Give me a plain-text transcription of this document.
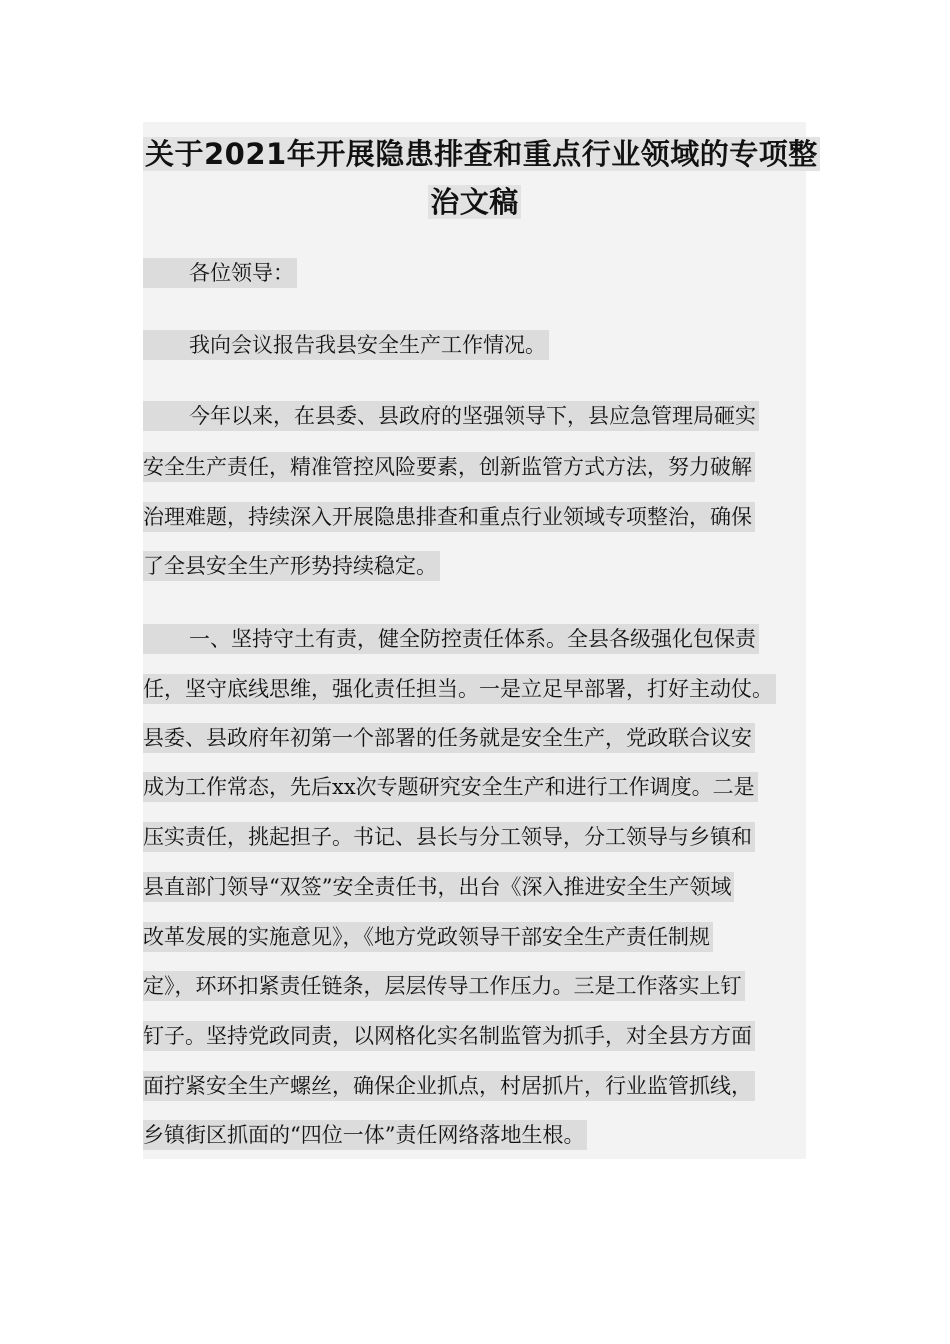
关于2021年开展隐患排查和重点行业领域的专项整
治文稿
各位领导：
我向会议报告我县安全生产工作情况。
今年以来，在县委、县政府的坚强领导下，县应急管理局砸实
安全生产责任，精准管控风险要素，创新监管方式方法，努力破解
治理难题，持续深入开展隐患排查和重点行业领域专项整治，确保
了全县安全生产形势持续稳定。
一、坚持守土有责，健全防控责任体系。全县各级强化包保责
任，坚守底线思维，强化责任担当。一是立足早部署，打好主动仗。
县委、县政府年初第一个部署的任务就是安全生产，党政联合议安
成为工作常态，先后xx次专题研究安全生产和进行工作调度。二是
压实责任，挑起担子。书记、县长与分工领导，分工领导与乡镇和
县直部门领导“双签”安全责任书，出台《深入推进安全生产领域
改革发展的实施意见》，《地方党政领导干部安全生产责任制规
定》，环环扣紧责任链条，层层传导工作压力。三是工作落实上钉
钉子。坚持党政同责，以网格化实名制监管为抓手，对全县方方面
面拧紧安全生产螺丝，确保企业抓点，村居抓片，行业监管抓线，
乡镇街区抓面的“四位一体”责任网络落地生根。
